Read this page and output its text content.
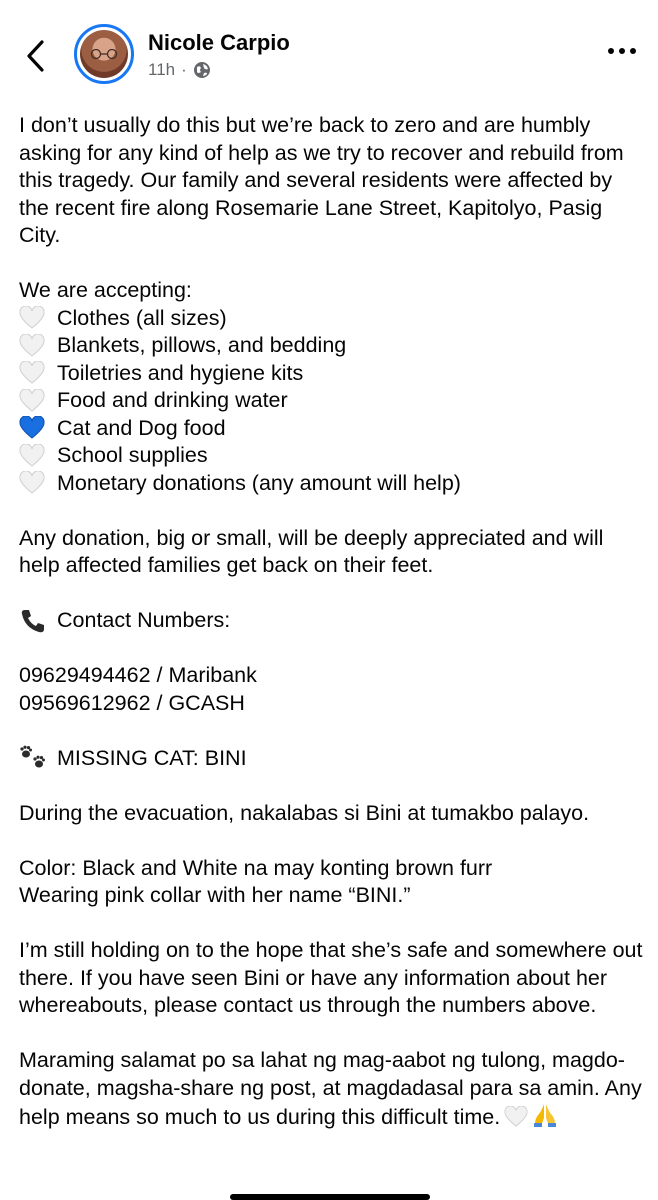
Nicole Carpio
11h ·

I don’t usually do this but we’re back to zero and are humbly asking for any kind of help as we try to recover and rebuild from this tragedy. Our family and several residents were affected by the recent fire along Rosemarie Lane Street, Kapitolyo, Pasig City.

We are accepting:

Clothes (all sizes)
Blankets, pillows, and bedding
Toiletries and hygiene kits
Food and drinking water
Cat and Dog food
School supplies
Monetary donations (any amount will help)

Any donation, big or small, will be deeply appreciated and will help affected families get back on their feet.

Contact Numbers:

09629494462 / Maribank

09569612962 / GCASH

MISSING CAT: BINI

During the evacuation, nakalabas si Bini at tumakbo palayo.

Color: Black and White na may konting brown furr

Wearing pink collar with her name “BINI.”

I’m still holding on to the hope that she’s safe and somewhere out there. If you have seen Bini or have any information about her whereabouts, please contact us through the numbers above.

Maraming salamat po sa lahat ng mag-aabot ng tulong, magdo-donate, magsha-share ng post, at magdadasal para sa amin. Any help means so much to us during this difficult time.
